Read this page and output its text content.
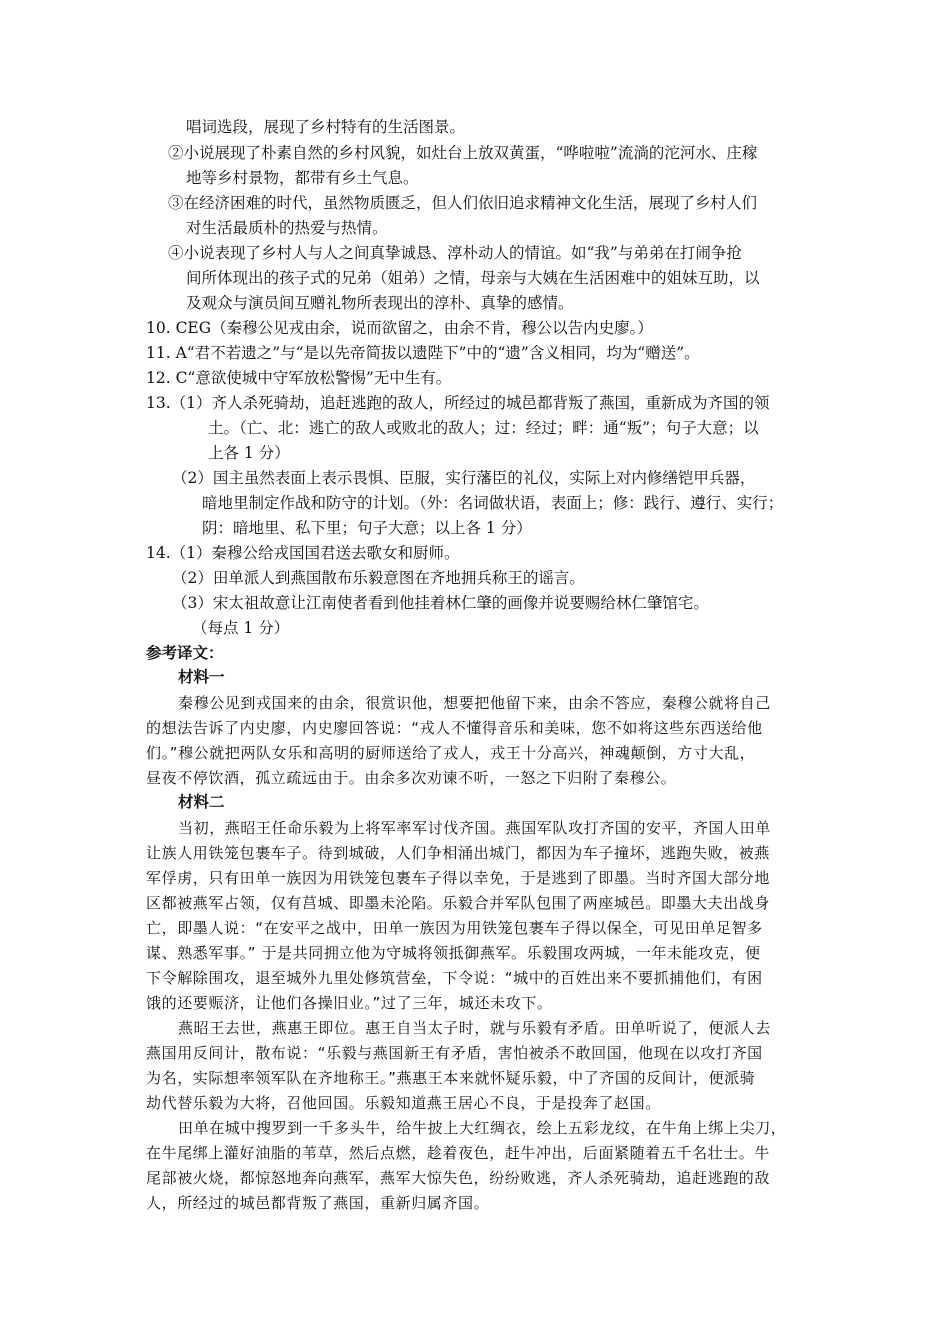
唱词选段，展现了乡村特有的生活图景。
②小说展现了朴素自然的乡村风貌，如灶台上放双黄蛋，“哗啦啦”流淌的沱河水、庄稼
地等乡村景物，都带有乡土气息。
③在经济困难的时代，虽然物质匮乏，但人们依旧追求精神文化生活，展现了乡村人们
对生活最质朴的热爱与热情。
④小说表现了乡村人与人之间真挚诚恳、淳朴动人的情谊。如“我”与弟弟在打闹争抢
间所体现出的孩子式的兄弟（姐弟）之情，母亲与大姨在生活困难中的姐妹互助，以
及观众与演员间互赠礼物所表现出的淳朴、真挚的感情。
10. CEG（秦穆公见戎由余，说而欲留之，由余不肯，穆公以告内史廖。）
11. A“君不若遗之”与“是以先帝简拔以遗陛下”中的“遗”含义相同，均为“赠送”。
12. C“意欲使城中守军放松警惕”无中生有。
13.（1）齐人杀死骑劫，追赶逃跑的敌人，所经过的城邑都背叛了燕国，重新成为齐国的领
土。（亡、北：逃亡的敌人或败北的敌人；过：经过；畔：通“叛”；句子大意；以
上各 1 分）
（2）国主虽然表面上表示畏惧、臣服，实行藩臣的礼仪，实际上对内修缮铠甲兵器，
暗地里制定作战和防守的计划。（外：名词做状语，表面上；修：践行、遵行、实行；
阴：暗地里、私下里；句子大意；以上各 1 分）
14.（1）秦穆公给戎国国君送去歌女和厨师。
（2）田单派人到燕国散布乐毅意图在齐地拥兵称王的谣言。
（3）宋太祖故意让江南使者看到他挂着林仁肇的画像并说要赐给林仁肇馆宅。
（每点 1 分）
参考译文：
材料一
秦穆公见到戎国来的由余，很赏识他，想要把他留下来，由余不答应，秦穆公就将自己
的想法告诉了内史廖，内史廖回答说：“戎人不懂得音乐和美味，您不如将这些东西送给他
们。”穆公就把两队女乐和高明的厨师送给了戎人，戎王十分高兴，神魂颠倒，方寸大乱，
昼夜不停饮酒，孤立疏远由于。由余多次劝谏不听，一怒之下归附了秦穆公。
材料二
当初，燕昭王任命乐毅为上将军率军讨伐齐国。燕国军队攻打齐国的安平，齐国人田单
让族人用铁笼包裹车子。待到城破，人们争相涌出城门，都因为车子撞坏，逃跑失败，被燕
军俘虏，只有田单一族因为用铁笼包裹车子得以幸免，于是逃到了即墨。当时齐国大部分地
区都被燕军占领，仅有莒城、即墨未沦陷。乐毅合并军队包围了两座城邑。即墨大夫出战身
亡，即墨人说：“在安平之战中，田单一族因为用铁笼包裹车子得以保全，可见田单足智多
谋、熟悉军事。” 于是共同拥立他为守城将领抵御燕军。乐毅围攻两城，一年未能攻克，便
下令解除围攻，退至城外九里处修筑营垒，下令说：“城中的百姓出来不要抓捕他们，有困
饿的还要赈济，让他们各操旧业。”过了三年，城还未攻下。
燕昭王去世，燕惠王即位。惠王自当太子时，就与乐毅有矛盾。田单听说了，便派人去
燕国用反间计，散布说：“乐毅与燕国新王有矛盾，害怕被杀不敢回国，他现在以攻打齐国
为名，实际想率领军队在齐地称王。”燕惠王本来就怀疑乐毅，中了齐国的反间计，便派骑
劫代替乐毅为大将，召他回国。乐毅知道燕王居心不良，于是投奔了赵国。
田单在城中搜罗到一千多头牛，给牛披上大红绸衣，绘上五彩龙纹，在牛角上绑上尖刀，
在牛尾绑上灌好油脂的苇草，然后点燃，趁着夜色，赶牛冲出，后面紧随着五千名壮士。牛
尾部被火烧，都惊怒地奔向燕军，燕军大惊失色，纷纷败逃，齐人杀死骑劫，追赶逃跑的敌
人，所经过的城邑都背叛了燕国，重新归属齐国。
